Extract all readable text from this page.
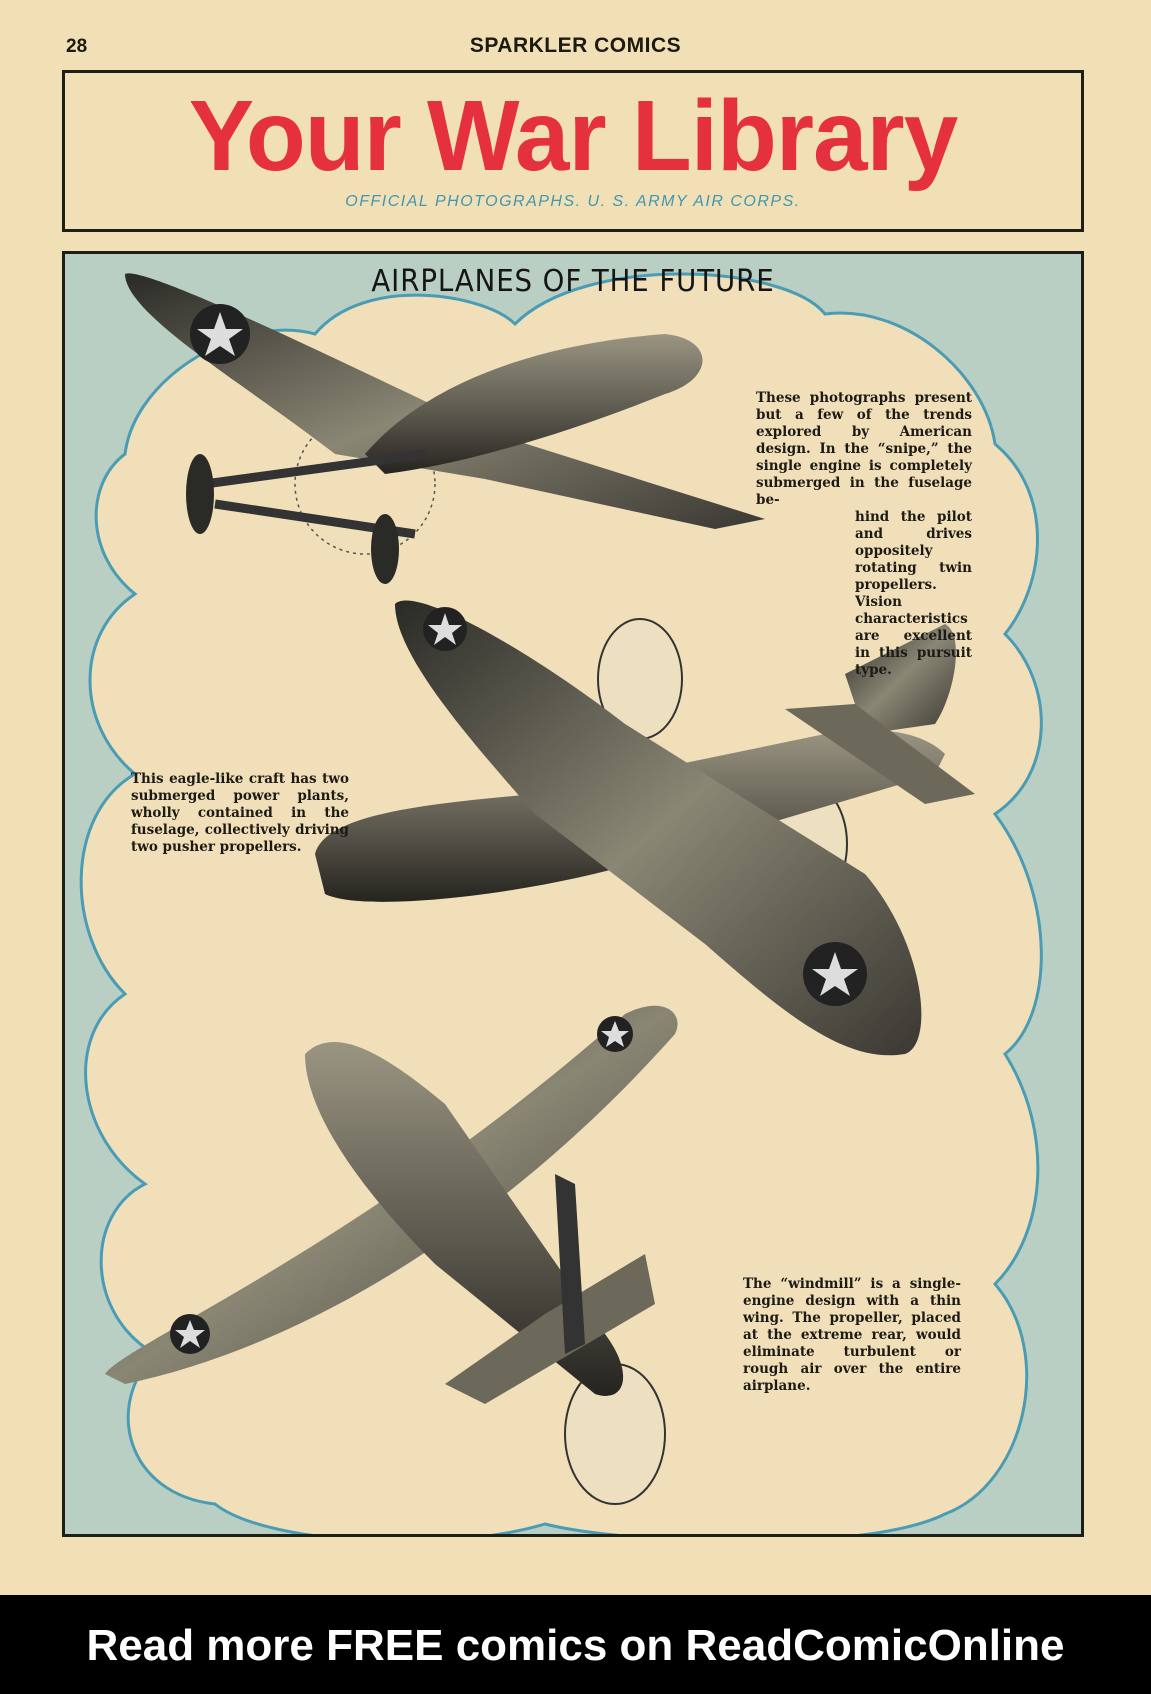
28	SPARKLER COMICS
Your War Library
OFFICIAL PHOTOGRAPHS. U. S. ARMY AIR CORPS.
AIRPLANES OF THE FUTURE
These photographs present but a few of the trends explored by American design. In the “snipe,” the single engine is completely submerged in the fuselage be-
hind the pilot and drives oppositely rotating twin propellers. Vision characteristics are excellent in this pursuit type.
This eagle-like craft has two submerged power plants, wholly contained in the fuselage, collectively driving two pusher propellers.
The “windmill” is a single-engine design with a thin wing. The propeller, placed at the extreme rear, would eliminate turbulent or rough air over the entire airplane.
Read more FREE comics on ReadComicOnline
